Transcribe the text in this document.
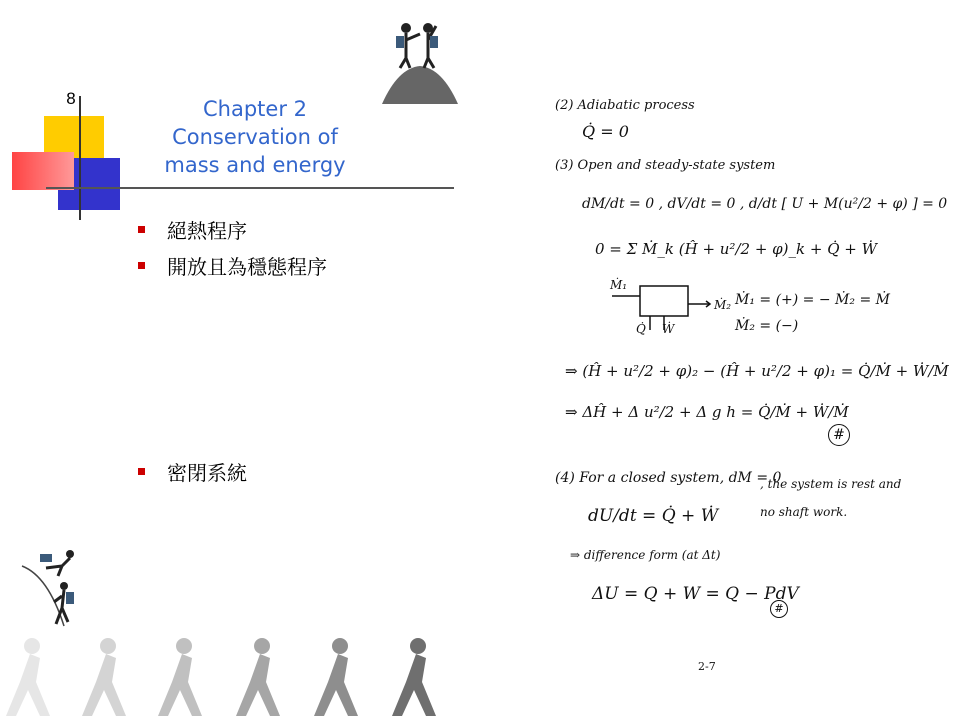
8	Chapter 2
Conservation of
mass and energy
絕熱程序
開放且為穩態程序
密閉系統
(2) Adiabatic process
Q̇ = 0
(3) Open and steady-state system
dM/dt = 0 , dV/dt = 0 , d/dt [ U + M(u²/2 + φ) ] = 0
0 = Σ Ṁ_k (Ĥ + u²/2 + φ)_k + Q̇ + Ẇ
Ṁ₁
Ṁ₂
Q̇ Ẇ
Ṁ₁ = (+) = − Ṁ₂ = Ṁ
Ṁ₂ = (−)
⇒ (Ĥ + u²/2 + φ)₂ − (Ĥ + u²/2 + φ)₁ = Q̇/Ṁ + Ẇ/Ṁ
⇒ ΔĤ + Δ u²/2 + Δ g h = Q̇/Ṁ + Ẇ/Ṁ
#
(4) For a closed system, dM = 0
, the system is rest and no shaft work.
dU/dt = Q̇ + Ẇ
⇒ difference form (at Δt)
ΔU = Q + W = Q − PdV
#
2-7
